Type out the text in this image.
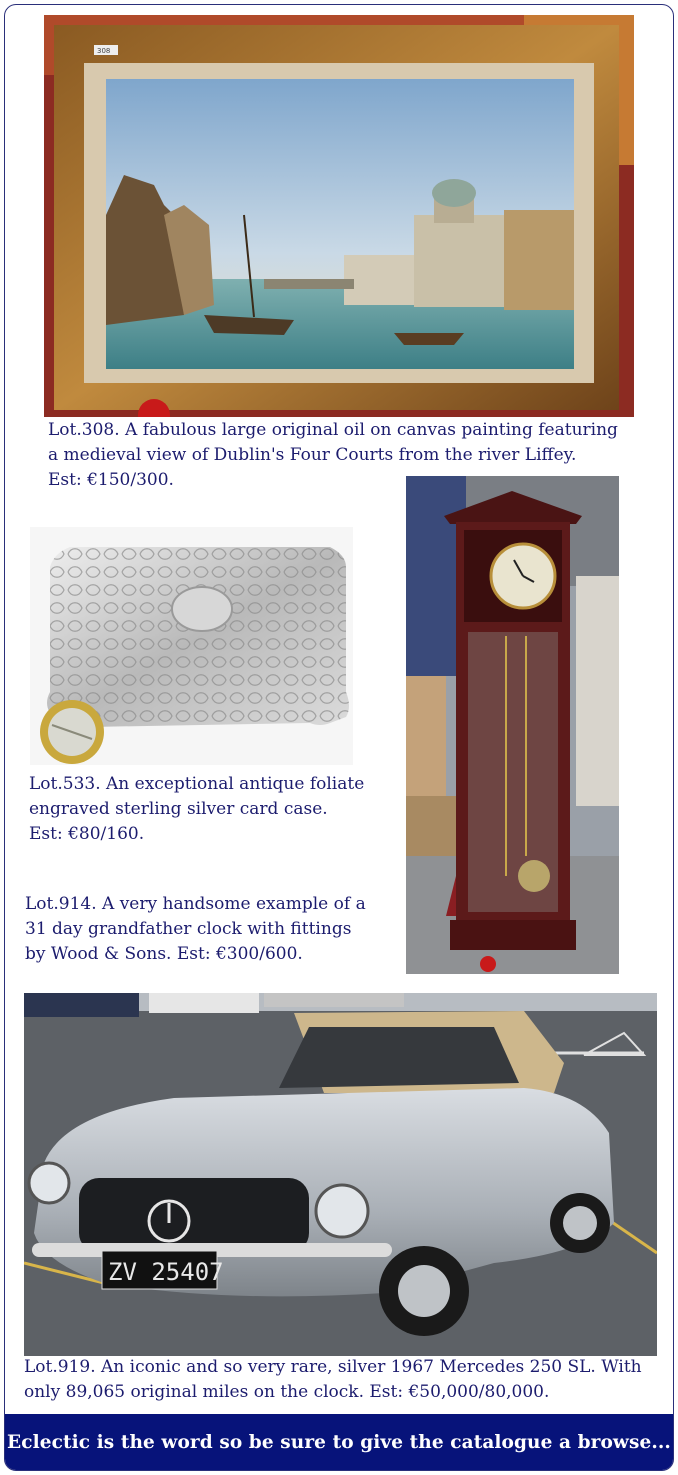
308
Lot.308. A fabulous large original oil on canvas painting featuring
a medieval view of Dublin's Four Courts from the river Liffey.
Est: €150/300.
Lot.533. An exceptional antique foliate
engraved sterling silver card case.
Est: €80/160.
Lot.914. A very handsome example of a
31 day grandfather clock with fittings
by Wood & Sons. Est: €300/600.
ZV 25407
Lot.919. An iconic and so very rare, silver 1967 Mercedes 250 SL. With
only 89,065 original miles on the clock. Est: €50,000/80,000.
Eclectic is the word so be sure to give the catalogue a browse...
